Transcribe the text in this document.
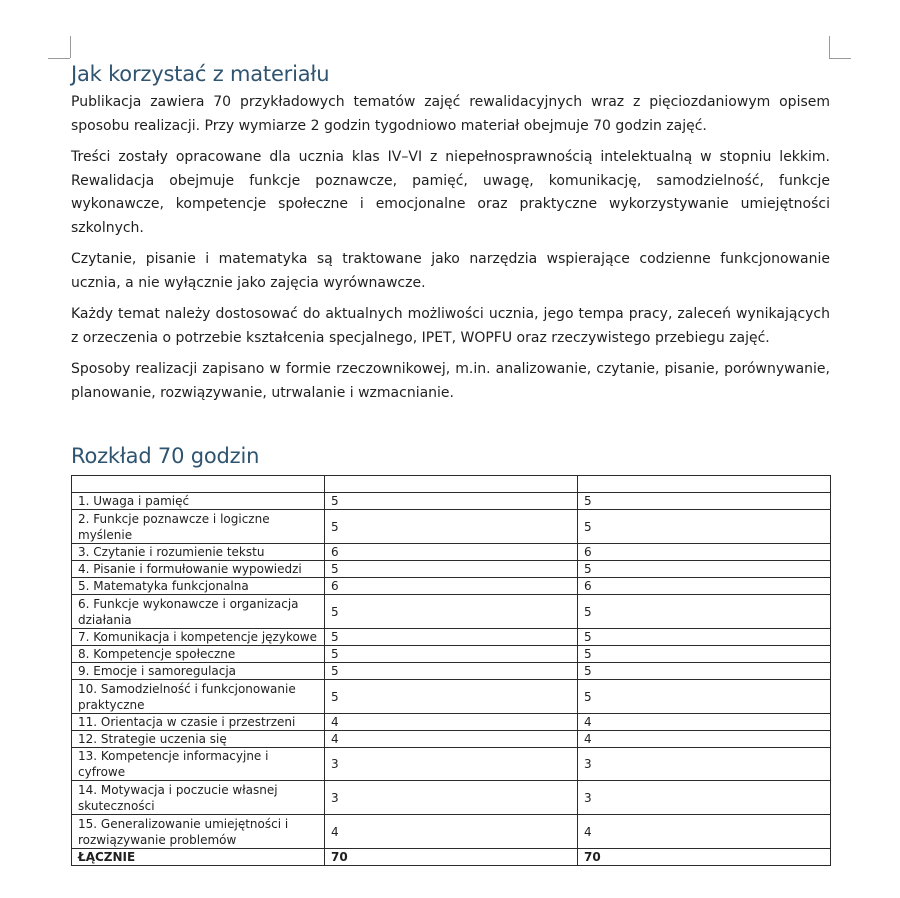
Jak korzystać z materiału

Publikacja zawiera 70 przykładowych tematów zajęć rewalidacyjnych wraz z pięciozdaniowym opisem sposobu realizacji. Przy wymiarze 2 godzin tygodniowo materiał obejmuje 70 godzin zajęć.

Treści zostały opracowane dla ucznia klas IV–VI z niepełnosprawnością intelektualną w stopniu lekkim. Rewalidacja obejmuje funkcje poznawcze, pamięć, uwagę, komunikację, samodzielność, funkcje wykonawcze, kompetencje społeczne i emocjonalne oraz praktyczne wykorzystywanie umiejętności szkolnych.

Czytanie, pisanie i matematyka są traktowane jako narzędzia wspierające codzienne funkcjonowanie ucznia, a nie wyłącznie jako zajęcia wyrównawcze.

Każdy temat należy dostosować do aktualnych możliwości ucznia, jego tempa pracy, zaleceń wynikających z orzeczenia o potrzebie kształcenia specjalnego, IPET, WOPFU oraz rzeczywistego przebiegu zajęć.

Sposoby realizacji zapisano w formie rzeczownikowej, m.in. analizowanie, czytanie, pisanie, porównywanie, planowanie, rozwiązywanie, utrwalanie i wzmacnianie.

Rozkład 70 godzin

1. Uwaga i pamięć	5	5
2. Funkcje poznawcze i logiczne myślenie	5	5
3. Czytanie i rozumienie tekstu	6	6
4. Pisanie i formułowanie wypowiedzi	5	5
5. Matematyka funkcjonalna	6	6
6. Funkcje wykonawcze i organizacja działania	5	5
7. Komunikacja i kompetencje językowe	5	5
8. Kompetencje społeczne	5	5
9. Emocje i samoregulacja	5	5
10. Samodzielność i funkcjonowanie praktyczne	5	5
11. Orientacja w czasie i przestrzeni	4	4
12. Strategie uczenia się	4	4
13. Kompetencje informacyjne i cyfrowe	3	3
14. Motywacja i poczucie własnej skuteczności	3	3
15. Generalizowanie umiejętności i rozwiązywanie problemów	4	4
ŁĄCZNIE	70	70
